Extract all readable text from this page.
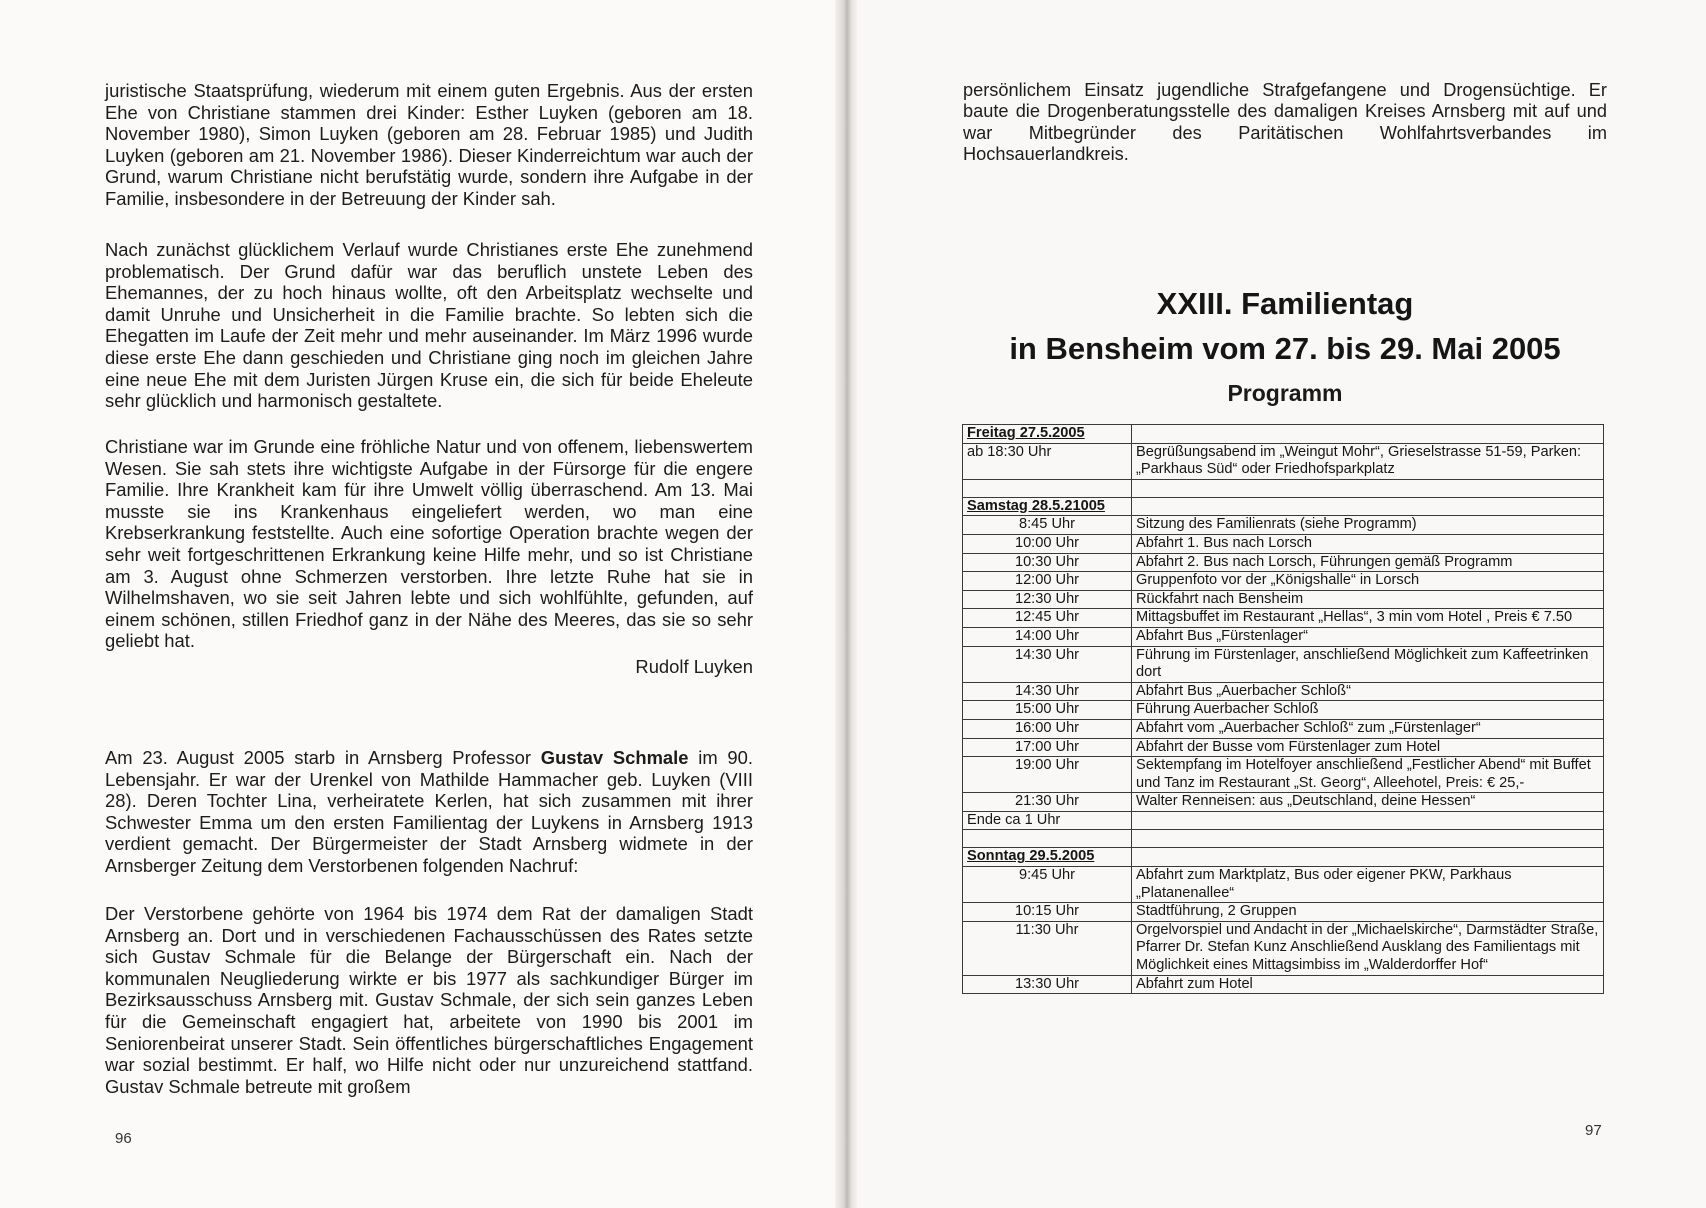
juristische Staatsprüfung, wiederum mit einem guten Ergebnis. Aus der ersten Ehe von Christiane stammen drei Kinder: Esther Luyken (geboren am 18. November 1980), Simon Luyken (geboren am 28. Februar 1985) und Judith Luyken (geboren am 21. November 1986). Dieser Kinderreichtum war auch der Grund, warum Christiane nicht berufstätig wurde, sondern ihre Aufgabe in der Familie, insbesondere in der Betreuung der Kinder sah.

Nach zunächst glücklichem Verlauf wurde Christianes erste Ehe zunehmend problematisch. Der Grund dafür war das beruflich unstete Leben des Ehemannes, der zu hoch hinaus wollte, oft den Arbeitsplatz wechselte und damit Unruhe und Unsicherheit in die Familie brachte. So lebten sich die Ehegatten im Laufe der Zeit mehr und mehr auseinander. Im März 1996 wurde diese erste Ehe dann geschieden und Christiane ging noch im gleichen Jahre eine neue Ehe mit dem Juristen Jürgen Kruse ein, die sich für beide Eheleute sehr glücklich und harmonisch gestaltete.

Christiane war im Grunde eine fröhliche Natur und von offenem, liebenswertem Wesen. Sie sah stets ihre wichtigste Aufgabe in der Fürsorge für die engere Familie. Ihre Krankheit kam für ihre Umwelt völlig überraschend. Am 13. Mai musste sie ins Krankenhaus eingeliefert werden, wo man eine Krebserkrankung feststellte. Auch eine sofortige Operation brachte wegen der sehr weit fortgeschrittenen Erkrankung keine Hilfe mehr, und so ist Christiane am 3. August ohne Schmerzen verstorben. Ihre letzte Ruhe hat sie in Wilhelmshaven, wo sie seit Jahren lebte und sich wohlfühlte, gefunden, auf einem schönen, stillen Friedhof ganz in der Nähe des Meeres, das sie so sehr geliebt hat.

Rudolf Luyken

Am 23. August 2005 starb in Arnsberg Professor Gustav Schmale im 90. Lebensjahr. Er war der Urenkel von Mathilde Hammacher geb. Luyken (VIII 28). Deren Tochter Lina, verheiratete Kerlen, hat sich zusammen mit ihrer Schwester Emma um den ersten Familientag der Luykens in Arnsberg 1913 verdient gemacht. Der Bürgermeister der Stadt Arnsberg widmete in der Arnsberger Zeitung dem Verstorbenen folgenden Nachruf:

Der Verstorbene gehörte von 1964 bis 1974 dem Rat der damaligen Stadt Arnsberg an. Dort und in verschiedenen Fachausschüssen des Rates setzte sich Gustav Schmale für die Belange der Bürgerschaft ein. Nach der kommunalen Neugliederung wirkte er bis 1977 als sachkundiger Bürger im Bezirksausschuss Arnsberg mit. Gustav Schmale, der sich sein ganzes Leben für die Gemeinschaft engagiert hat, arbeitete von 1990 bis 2001 im Seniorenbeirat unserer Stadt. Sein öffentliches bürgerschaftliches Engagement war sozial bestimmt. Er half, wo Hilfe nicht oder nur unzureichend stattfand. Gustav Schmale betreute mit großem

96

persönlichem Einsatz jugendliche Strafgefangene und Drogensüchtige. Er baute die Drogenberatungsstelle des damaligen Kreises Arnsberg mit auf und war Mitbegründer des Paritätischen Wohlfahrtsverbandes im Hochsauerlandkreis.

XXIII. Familientag
in Bensheim vom 27. bis 29. Mai 2005
Programm
Freitag 27.5.2005	
ab 18:30 Uhr	Begrüßungsabend im „Weingut Mohr“, Grieselstrasse 51-59, Parken: „Parkhaus Süd“ oder Friedhofsparkplatz

Samstag 28.5.21005	
8:45 Uhr	Sitzung des Familienrats (siehe Programm)
10:00 Uhr	Abfahrt 1. Bus nach Lorsch
10:30 Uhr	Abfahrt 2. Bus nach Lorsch, Führungen gemäß Programm
12:00 Uhr	Gruppenfoto vor der „Königshalle“ in Lorsch
12:30 Uhr	Rückfahrt nach Bensheim
12:45 Uhr	Mittagsbuffet im Restaurant „Hellas“, 3 min vom Hotel , Preis € 7.50
14:00 Uhr	Abfahrt Bus „Fürstenlager“
14:30 Uhr	Führung im Fürstenlager, anschließend Möglichkeit zum Kaffeetrinken dort
14:30 Uhr	Abfahrt Bus „Auerbacher Schloß“
15:00 Uhr	Führung Auerbacher Schloß
16:00 Uhr	Abfahrt vom „Auerbacher Schloß“ zum „Fürstenlager“
17:00 Uhr	Abfahrt der Busse vom Fürstenlager zum Hotel
19:00 Uhr	Sektempfang im Hotelfoyer anschließend „Festlicher Abend“ mit Buffet und Tanz im Restaurant „St. Georg“, Alleehotel, Preis: € 25,-
21:30 Uhr	Walter Renneisen: aus „Deutschland, deine Hessen“
Ende ca 1 Uhr	

Sonntag 29.5.2005	
9:45 Uhr	Abfahrt zum Marktplatz, Bus oder eigener PKW, Parkhaus „Platanenallee“
10:15 Uhr	Stadtführung, 2 Gruppen
11:30 Uhr	Orgelvorspiel und Andacht in der „Michaelskirche“, Darmstädter Straße, Pfarrer Dr. Stefan Kunz Anschließend Ausklang des Familientags mit Möglichkeit eines Mittagsimbiss im „Walderdorffer Hof“
13:30 Uhr	Abfahrt zum Hotel
97
